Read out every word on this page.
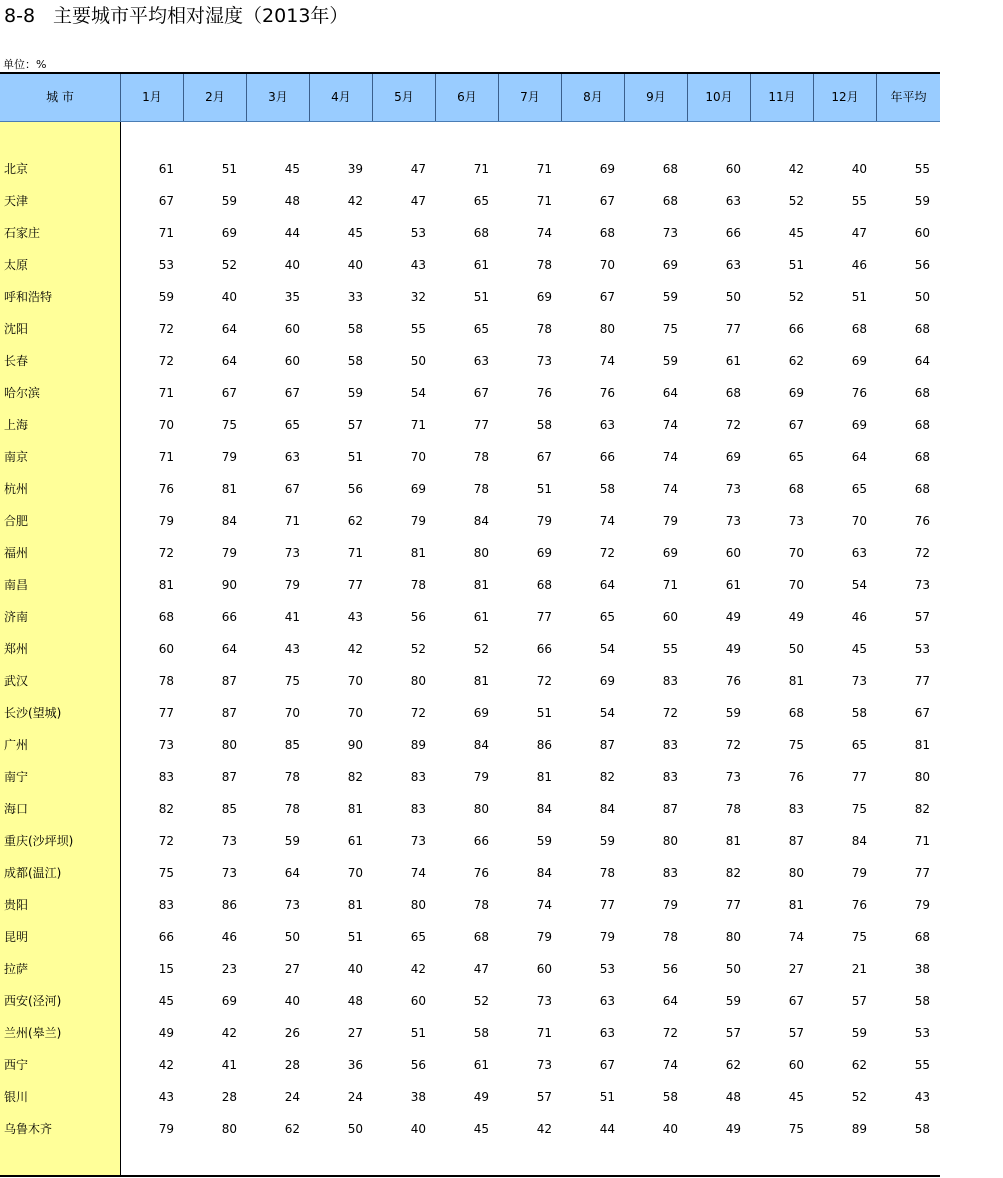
8-8 主要城市平均相对湿度（2013年）
单位：%
城 市	1月	2月	3月	4月	5月	6月	7月	8月	9月	10月	11月	12月	年平均
北京	61	51	45	39	47	71	71	69	68	60	42	40	55
天津	67	59	48	42	47	65	71	67	68	63	52	55	59
石家庄	71	69	44	45	53	68	74	68	73	66	45	47	60
太原	53	52	40	40	43	61	78	70	69	63	51	46	56
呼和浩特	59	40	35	33	32	51	69	67	59	50	52	51	50
沈阳	72	64	60	58	55	65	78	80	75	77	66	68	68
长春	72	64	60	58	50	63	73	74	59	61	62	69	64
哈尔滨	71	67	67	59	54	67	76	76	64	68	69	76	68
上海	70	75	65	57	71	77	58	63	74	72	67	69	68
南京	71	79	63	51	70	78	67	66	74	69	65	64	68
杭州	76	81	67	56	69	78	51	58	74	73	68	65	68
合肥	79	84	71	62	79	84	79	74	79	73	73	70	76
福州	72	79	73	71	81	80	69	72	69	60	70	63	72
南昌	81	90	79	77	78	81	68	64	71	61	70	54	73
济南	68	66	41	43	56	61	77	65	60	49	49	46	57
郑州	60	64	43	42	52	52	66	54	55	49	50	45	53
武汉	78	87	75	70	80	81	72	69	83	76	81	73	77
长沙(望城)	77	87	70	70	72	69	51	54	72	59	68	58	67
广州	73	80	85	90	89	84	86	87	83	72	75	65	81
南宁	83	87	78	82	83	79	81	82	83	73	76	77	80
海口	82	85	78	81	83	80	84	84	87	78	83	75	82
重庆(沙坪坝)	72	73	59	61	73	66	59	59	80	81	87	84	71
成都(温江)	75	73	64	70	74	76	84	78	83	82	80	79	77
贵阳	83	86	73	81	80	78	74	77	79	77	81	76	79
昆明	66	46	50	51	65	68	79	79	78	80	74	75	68
拉萨	15	23	27	40	42	47	60	53	56	50	27	21	38
西安(泾河)	45	69	40	48	60	52	73	63	64	59	67	57	58
兰州(皋兰)	49	42	26	27	51	58	71	63	72	57	57	59	53
西宁	42	41	28	36	56	61	73	67	74	62	60	62	55
银川	43	28	24	24	38	49	57	51	58	48	45	52	43
乌鲁木齐	79	80	62	50	40	45	42	44	40	49	75	89	58
